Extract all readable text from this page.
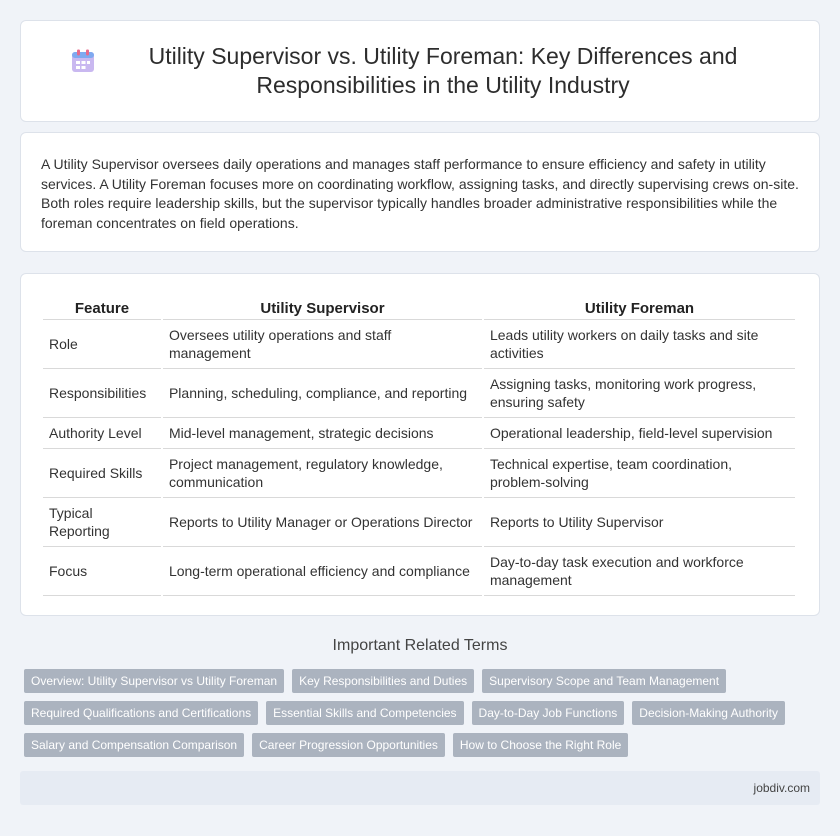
Utility Supervisor vs. Utility Foreman: Key Differences and Responsibilities in the Utility Industry

A Utility Supervisor oversees daily operations and manages staff performance to ensure efficiency and safety in utility services. A Utility Foreman focuses more on coordinating workflow, assigning tasks, and directly supervising crews on-site. Both roles require leadership skills, but the supervisor typically handles broader administrative responsibilities while the foreman concentrates on field operations.

Feature	Utility Supervisor	Utility Foreman
Role	Oversees utility operations and staff management	Leads utility workers on daily tasks and site activities
Responsibilities	Planning, scheduling, compliance, and reporting	Assigning tasks, monitoring work progress, ensuring safety
Authority Level	Mid-level management, strategic decisions	Operational leadership, field-level supervision
Required Skills	Project management, regulatory knowledge, communication	Technical expertise, team coordination, problem-solving
Typical Reporting	Reports to Utility Manager or Operations Director	Reports to Utility Supervisor
Focus	Long-term operational efficiency and compliance	Day-to-day task execution and workforce management
Important Related Terms
Overview: Utility Supervisor vs Utility Foreman	Key Responsibilities and Duties	Supervisory Scope and Team Management
Required Qualifications and Certifications	Essential Skills and Competencies	Day-to-Day Job Functions	Decision-Making Authority
Salary and Compensation Comparison	Career Progression Opportunities	How to Choose the Right Role
jobdiv.com
